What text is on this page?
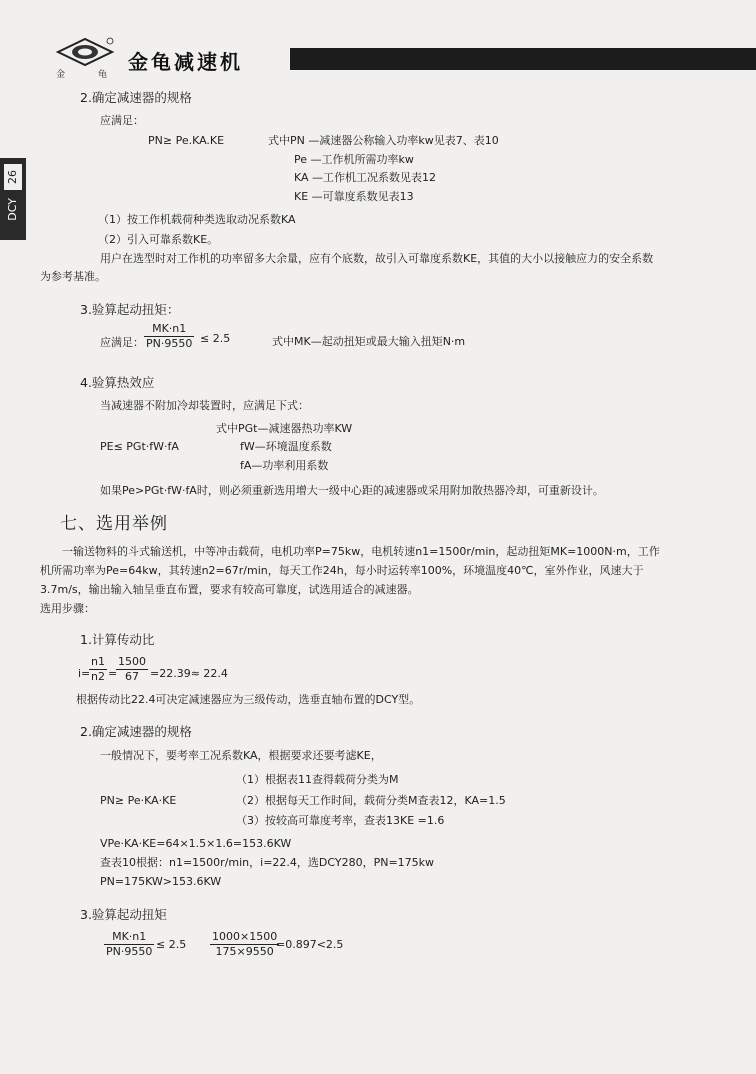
金	龟
金龟减速机
26
DCY
2.确定减速器的规格
应满足：
PN≥ Pe.KA.KE	式中PN —减速器公称输入功率kw见表7、表10
Pe —工作机所需功率kw
KA —工作机工况系数见表12
KE —可靠度系数见表13
（1）按工作机载荷种类选取动况系数KA
（2）引入可靠系数KE。
用户在选型时对工作机的功率留多大余量，应有个底数，故引入可靠度系数KE，其值的大小以接触应力的安全系数
为参考基准。
3.验算起动扭矩：
应满足： $\frac{MK\cdot n1}{PN\cdot 9550} \le 2.5$	式中MK—起动扭矩或最大输入扭矩N·m
4.验算热效应
当减速器不附加冷却装置时，应满足下式：
式中PGt—减速器热功率KW
PE≤ PGt·fW·fA	fW—环境温度系数
fA—功率利用系数
如果Pe>PGt·fW·fA时，则必须重新选用增大一级中心距的减速器或采用附加散热器冷却，可重新设计。
七、选用举例
一输送物料的斗式输送机，中等冲击载荷，电机功率P=75kw，电机转速n1=1500r/min，起动扭矩MK=1000N·m，工作
机所需功率为Pe=64kw，其转速n2=67r/min，每天工作24h，每小时运转率100%，环境温度40℃，室外作业，风速大于
3.7m/s，输出输入轴呈垂直布置，要求有较高可靠度，试选用适合的减速器。
选用步骤：
1.计算传动比
i=
$\frac{n1}{n2}$ =
$\frac{1500}{67} =22.39\approx 22.4$
根据传动比22.4可决定减速器应为三级传动，选垂直轴布置的DCY型。
2.确定减速器的规格
一般情况下，要考率工况系数KA，根据要求还要考滤KE，
（1）根据表11查得载荷分类为M
PN≥ Pe·KA·KE	（2）根据每天工作时间，载荷分类M查表12，KA=1.5
（3）按较高可靠度考率，查表13KE =1.6
VPe·KA·KE=64×1.5×1.6=153.6KW
查表10根据：n1=1500r/min，i=22.4，选DCY280，PN=175kw
PN=175KW>153.6KW
3.验算起动扭矩
$\frac{MK\cdot n1}{PN\cdot 9550} \le 2.5 \frac{1000\times 1500}{175\times 9550}$
=0.897<2.5
